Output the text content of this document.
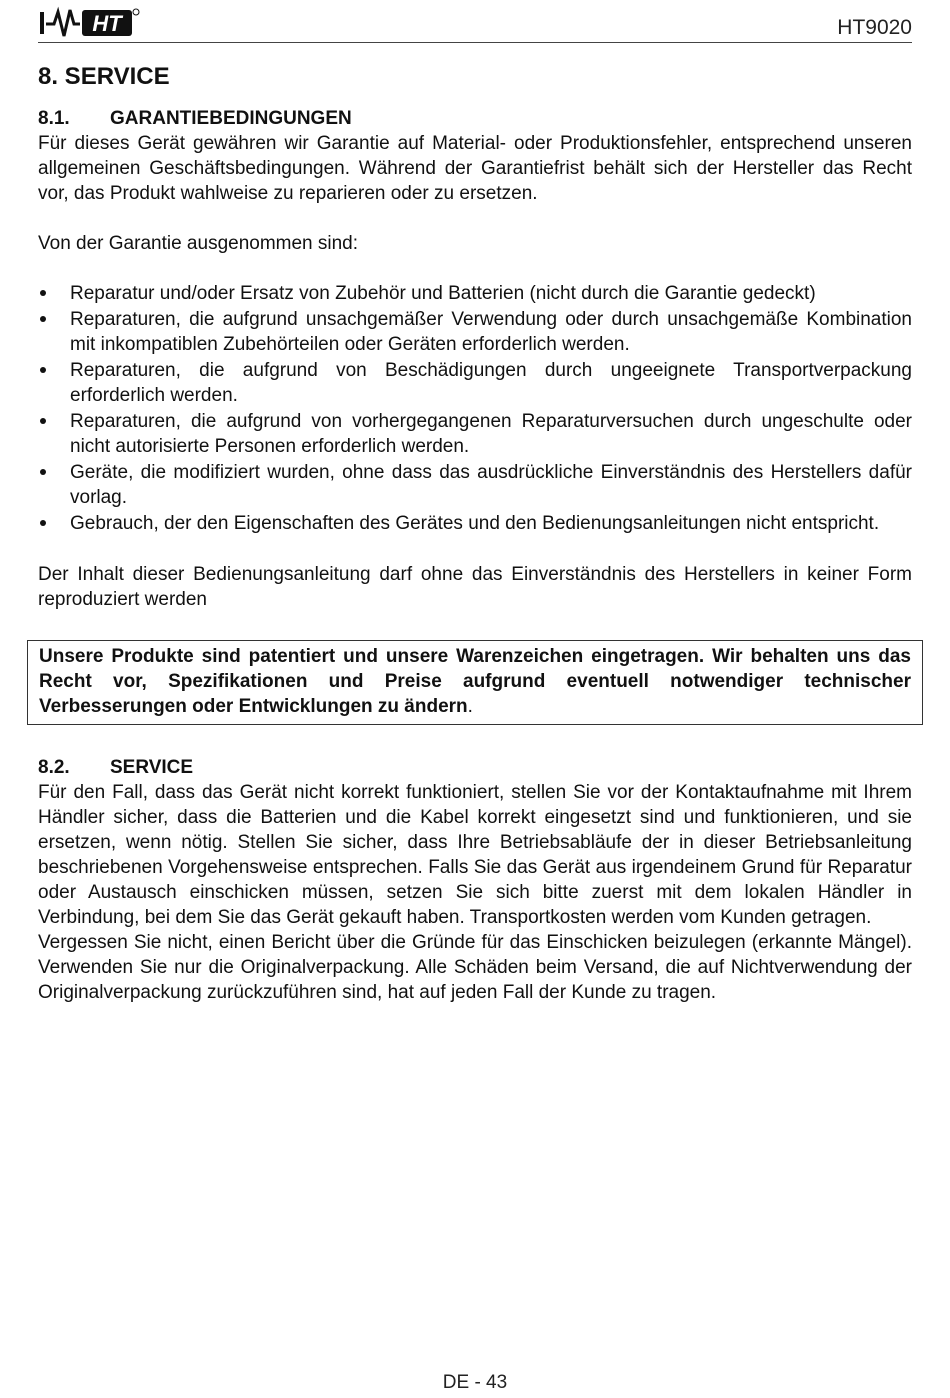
HT	HT9020
8. SERVICE
8.1. GARANTIEBEDINGUNGEN

Für dieses Gerät gewähren wir Garantie auf Material- oder Produktionsfehler, entsprechend unseren allgemeinen Geschäftsbedingungen. Während der Garantiefrist behält sich der Hersteller das Recht vor, das Produkt wahlweise zu reparieren oder zu ersetzen.

Von der Garantie ausgenommen sind:

Reparatur und/oder Ersatz von Zubehör und Batterien (nicht durch die Garantie gedeckt)
Reparaturen, die aufgrund unsachgemäßer Verwendung oder durch unsachgemäße Kombination mit inkompatiblen Zubehörteilen oder Geräten erforderlich werden.
Reparaturen, die aufgrund von Beschädigungen durch ungeeignete Transportverpackung erforderlich werden.
Reparaturen, die aufgrund von vorhergegangenen Reparaturversuchen durch ungeschulte oder nicht autorisierte Personen erforderlich werden.
Geräte, die modifiziert wurden, ohne dass das ausdrückliche Einverständnis des Herstellers dafür vorlag.
Gebrauch, der den Eigenschaften des Gerätes und den Bedienungsanleitungen nicht entspricht.

Der Inhalt dieser Bedienungsanleitung darf ohne das Einverständnis des Herstellers in keiner Form reproduziert werden

Unsere Produkte sind patentiert und unsere Warenzeichen eingetragen. Wir behalten uns das Recht vor, Spezifikationen und Preise aufgrund eventuell notwendiger technischer Verbesserungen oder Entwicklungen zu ändern.
8.2. SERVICE

Für den Fall, dass das Gerät nicht korrekt funktioniert, stellen Sie vor der Kontaktaufnahme mit Ihrem Händler sicher, dass die Batterien und die Kabel korrekt eingesetzt sind und funktionieren, und sie ersetzen, wenn nötig. Stellen Sie sicher, dass Ihre Betriebsabläufe der in dieser Betriebsanleitung beschriebenen Vorgehensweise entsprechen. Falls Sie das Gerät aus irgendeinem Grund für Reparatur oder Austausch einschicken müssen, setzen Sie sich bitte zuerst mit dem lokalen Händler in Verbindung, bei dem Sie das Gerät gekauft haben. Transportkosten werden vom Kunden getragen.

Vergessen Sie nicht, einen Bericht über die Gründe für das Einschicken beizulegen (erkannte Mängel). Verwenden Sie nur die Originalverpackung. Alle Schäden beim Versand, die auf Nichtverwendung der Originalverpackung zurückzuführen sind, hat auf jeden Fall der Kunde zu tragen.

DE - 43
